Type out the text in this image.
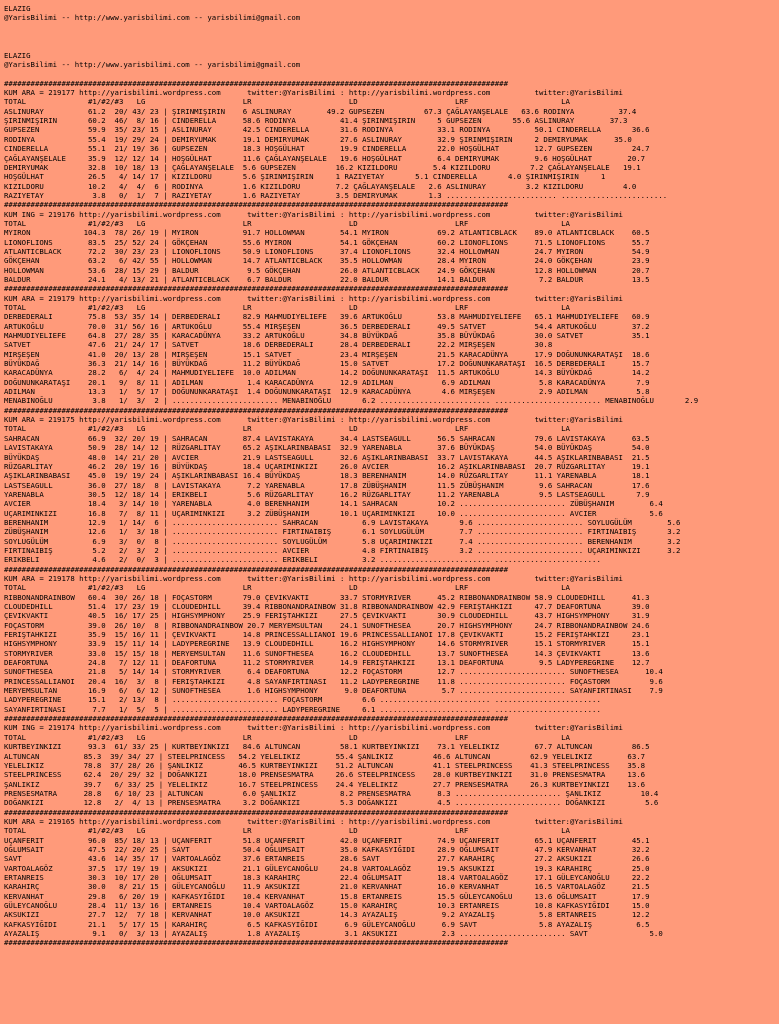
ELAZIG
@YarisBilimi -- http://www.yarisbilimi.com -- yarisbilimi@gmail.com

ELAZIG
@YarisBilimi -- http://www.yarisbilimi.com -- yarisbilimi@gmail.com

##################################################################################################################
KUM ARA = 219177 http://yarisbilimi.wordpress.com      twitter:@YarisBilimi : http://yarisbilimi.wordpress.com          twitter:@YarisBilimi
TOTAL              #1/#2/#3   LG                      LR                      LD                      LRF                     LA
ASLINURAY          61.2  20/ 43/ 23 | ŞIRINMIŞIRIN    6 ASLINURAY        49.2 GUPSEZEN         67.3 ÇAĞLAYANŞELALE   63.6 RODINYA          37.4
ŞIRINMIŞIRIN       60.2  46/  8/ 16 | CINDERELLA      58.6 RODINYA          41.4 ŞIRINMIŞIRIN     5 GUPSEZEN       55.6 ASLINURAY        37.3
GUPSEZEN           59.9  35/ 23/ 15 | ASLINURAY       42.5 CINDERELLA       31.6 RODINYA          33.1 RODINYA          50.1 CINDERELLA       36.6
RODINYA            55.4  19/ 29/ 24 | DEMIRYUMAK      19.1 DEMIRYUMAK       27.6 ASLINURAY        32.9 ŞIRINMIŞIRIN     2 DEMIRYUMAK      35.0
CINDERELLA         55.1  21/ 19/ 36 | GUPSEZEN        18.3 HOŞGÜLHAT        19.9 CINDERELLA       22.0 HOŞGÜLHAT        12.7 GUPSEZEN         24.7
ÇAĞLAYANŞELALE     35.9  12/ 12/ 14 | HOŞGÜLHAT       11.6 ÇAĞLAYANŞELALE   19.6 HOŞGÜLHAT        6.4 DEMIRYUMAK        9.6 HOŞGÜLHAT        20.7
DEMIRYUMAK         32.8  10/ 18/ 13 | ÇAĞLAYANŞELALE  5.6 GUPSEZEN         16.2 KIZILDORU        5.4 KIZILDORU         7.2 ÇAĞLAYANŞELALE   19.1
HOŞGÜLHAT          26.5   4/ 14/ 17 | KIZILDORU       5.6 ŞIRINMIŞIRIN     1 RAZIYETAY       5.1 CINDERELLA       4.0 ŞIRINMIŞIRIN     1
KIZILDORU          10.2   4/  4/  6 | RODINYA         1.6 KIZILDORU        7.2 ÇAĞLAYANŞELALE   2.6 ASLINURAY         3.2 KIZILDORU         4.0
RAZIYETAY           3.8   0/  1/  7 | RAZIYETAY       1.6 RAZIYETAY        3.5 DEMIRYUMAK       1.3 ......................... ........................
##################################################################################################################
KUM ING = 219176 http://yarisbilimi.wordpress.com      twitter:@YarisBilimi : http://yarisbilimi.wordpress.com          twitter:@YarisBilimi
TOTAL              #1/#2/#3   LG                      LR                      LD                      LRF                     LA
MYIRON            104.3  78/ 26/ 19 | MYIRON          91.7 HOLLOWMAN        54.1 MYIRON           69.2 ATLANTICBLACK    89.0 ATLANTICBLACK    60.5
LIONOFLIONS        83.5  25/ 52/ 24 | GÖKÇEHAN        55.6 MYIRON           54.1 GÖKÇEHAN         60.2 LIONOFLIONS      71.5 LIONOFLIONS      55.7
ATLANTICBLACK      72.2  30/ 23/ 23 | LIONOFLIONS     50.9 LIONOFLIONS      37.4 LIONOFLIONS      32.4 HOLLOWMAN        24.7 MYIRON           54.9
GÖKÇEHAN           63.2   6/ 42/ 55 | HOLLOWMAN       14.7 ATLANTICBLACK    35.5 HOLLOWMAN        28.4 MYIRON           24.0 GÖKÇEHAN         23.9
HOLLOWMAN          53.6  28/ 15/ 29 | BALDUR           9.5 GÖKÇEHAN         26.0 ATLANTICBLACK    24.9 GÖKÇEHAN         12.8 HOLLOWMAN        20.7
BALDUR             24.1   4/ 13/ 21 | ATLANTICBLACK    6.7 BALDUR           22.0 BALDUR           14.1 BALDUR            7.2 BALDUR           13.5
##################################################################################################################
KUM ARA = 219179 http://yarisbilimi.wordpress.com      twitter:@YarisBilimi : http://yarisbilimi.wordpress.com          twitter:@YarisBilimi
TOTAL              #1/#2/#3   LG                      LR                      LD                      LRF                     LA
DERBEDERALI        75.8  53/ 35/ 14 | DERBEDERALI     82.9 MAHMUDIYELIEFE   39.6 ARTUKOĞLU        53.8 MAHMUDIYELIEFE   65.1 MAHMUDIYELIEFE   60.9
ARTUKOĞLU          70.0  31/ 56/ 16 | ARTUKOĞLU       55.4 MIRŞEŞEN         36.5 DERBEDERALI      49.5 SATVET           54.4 ARTUKOĞLU        37.2
MAHMUDIYELIEFE     64.8  27/ 28/ 35 | KARACADÜNYA     33.2 ARTUKOĞLU        34.8 BÜYÜKDAĞ         35.8 BÜYÜKDAĞ         30.0 SATVET           35.1
SATVET             47.6  21/ 24/ 17 | SATVET          18.6 DERBEDERALI      28.4 DERBEDERALI      22.2 MIRŞEŞEN         30.8
MIRŞEŞEN           41.0  20/ 13/ 28 | MIRŞEŞEN        15.1 SATVET           23.4 MIRŞEŞEN         21.5 KARACADÜNYA      17.9 DOĞUNUNKARATAŞI  18.6
BÜYÜKDAĞ           36.3  21/ 14/ 16 | BÜYÜKDAĞ        11.2 BÜYÜKDAĞ         15.0 SATVET           17.2 DOĞUNUNKARATAŞI  16.5 DERBEDERALI      15.7
KARACADÜNYA        28.2   6/  4/ 24 | MAHMUDIYELIEFE  10.0 ADILMAN          14.2 DOĞUNUNKARATAŞI  11.5 ARTUKOĞLU        14.3 BÜYÜKDAĞ         14.2
DOĞUNUNKARATAŞI    20.1   9/  8/ 11 | ADILMAN          1.4 KARACADÜNYA      12.9 ADILMAN           6.9 ADILMAN           5.8 KARACADÜNYA       7.9
ADILMAN            13.3   1/  5/ 17 | DOĞUNUNKARATAŞI  1.4 DOĞUNUNKARATAŞI  12.9 KARACADÜNYA       4.6 MIRŞEŞEN          2.9 ADILMAN           5.8
MENABINOĞLU         3.8   1/  3/  2 | ........................ MENABINOĞLU       6.2 ......................... ........................ MENABINOĞLU       2.9
##################################################################################################################
KUM ARA = 219175 http://yarisbilimi.wordpress.com      twitter:@YarisBilimi : http://yarisbilimi.wordpress.com          twitter:@YarisBilimi
TOTAL              #1/#2/#3   LG                      LR                      LD                      LRF                     LA
SAHRACAN           66.9  32/ 20/ 19 | SAHRACAN        87.4 LAVISTAKAYA      34.4 LASTSEAGULL      56.5 SAHRACAN         79.6 LAVISTAKAYA      63.5
LAVISTAKAYA        50.9  28/ 14/ 12 | RÜZGARLITAY     65.2 AŞIKLARINBABASI  32.9 YARENABLA        37.6 BÜYÜKDAŞ         54.0 BÜYÜKDAŞ         54.0
BÜYÜKDAŞ           48.0  14/ 21/ 20 | AVCIER          21.9 LASTSEAGULL      32.6 AŞIKLARINBABASI  33.7 LAVISTAKAYA      44.5 AŞIKLARINBABASI  21.5
RÜZGARLITAY        46.2  20/ 19/ 16 | BÜYÜKDAŞ        18.4 UÇARIMINKIZI     26.0 AVCIER           16.2 AŞIKLARINBABASI  20.7 RÜZGARLITAY      19.1
AŞIKLARINBABASI    45.0  19/ 19/ 24 | AŞIKLARINBABASI 16.4 BÜYÜKDAŞ         18.3 BERENHANIM       14.0 RÜZGARLITAY      11.1 YARENABLA        18.1
LASTSEAGULL        36.0  27/ 18/  8 | LAVISTAKAYA      7.2 YARENABLA        17.8 ZÜBÜŞHANIM       11.5 ZÜBÜŞHANIM        9.6 SAHRACAN         17.6
YARENABLA          30.5  12/ 18/ 14 | ERIKBELI         5.6 RÜZGARLITAY      16.2 RÜZGARLITAY      11.2 YARENABLA         9.5 LASTSEAGULL       7.9
AVCIER             18.4   3/ 14/ 10 | YARENABLA        4.0 BERENHANIM       14.1 SAHRACAN         10.2 ........................ ZÜBÜŞHANIM        6.4
UÇARIMINKIZI       16.8   7/  8/ 11 | UÇARIMINKIZI     3.2 ZÜBÜŞHANIM       10.1 UÇARIMINKIZI     10.0 ........................ AVCIER            5.6
BERENHANIM         12.9   1/ 14/  6 | ........................ SAHRACAN          6.9 LAVISTAKAYA       9.6 ........................ SOYLUGÜLÜM        5.6
ZÜBÜŞHANIM         12.6   1/  3/ 18 | ........................ FIRTINAIBIŞ       6.1 SOYLUGÜLÜM        7.7 ........................ FIRTINAIBIŞ       3.2
SOYLUGÜLÜM          6.9   3/  0/  8 | ........................ SOYLUGÜLÜM        5.8 UÇARIMINKIZI      7.4 ........................ BERENHANIM        3.2
FIRTINAIBIŞ         5.2   2/  3/  2 | ........................ AVCIER            4.8 FIRTINAIBIŞ       3.2 ........................ UÇARIMINKIZI      3.2
ERIKBELI            4.6   2/  0/  3 | ........................ ERIKBELI          3.2 ......................... ........................
##################################################################################################################
KUM ARA = 219178 http://yarisbilimi.wordpress.com      twitter:@YarisBilimi : http://yarisbilimi.wordpress.com          twitter:@YarisBilimi
TOTAL              #1/#2/#3   LG                      LR                      LD                      LRF                     LA
RIBBONANDRAINBOW   60.4  30/ 26/ 18 | FOÇASTORM       79.0 ÇEVIKVAKTI       33.7 STORMYRIVER      45.2 RIBBONANDRAINBOW 58.9 CLOUDEDHILL      41.3
CLOUDEDHILL        51.4  17/ 23/ 19 | CLOUDEDHILL     39.4 RIBBONANDRAINBOW 31.8 RIBBONANDRAINBOW 42.9 FERIŞTAHKIZI     47.7 DEAFORTUNA       39.0
ÇEVIKVAKTI         40.5  16/ 17/ 25 | HIGHSYMPHONY    25.9 FERIŞTAHKIZI     27.5 ÇEVIKVAKTI       30.9 CLOUDEDHILL      43.7 HIGHSYMPHONY     31.9
FOÇASTORM          39.0  26/ 10/  8 | RIBBONANDRAINBOW 20.7 MERYEMSULTAN    24.1 SUNOFTHESEA      20.7 HIGHSYMPHONY     24.7 RIBBONANDRAINBOW 24.6
FERIŞTAHKIZI       35.9  15/ 16/ 11 | ÇEVIKVAKTI      14.8 PRINCESSALLIANOI 19.6 PRINCESSALLIANOI 17.8 ÇEVIKVAKTI       15.2 FERIŞTAHKIZI     23.1
HIGHSYMPHONY       33.9  15/ 11/ 14 | LADYPEREGRINE   13.9 CLOUDEDHILL      16.2 HIGHSYMPHONY     14.6 STORMYRIVER      15.1 STORMYRIVER      15.1
STORMYRIVER        33.0  15/ 15/ 18 | MERYEMSULTAN    11.6 SUNOFTHESEA      16.2 CLOUDEDHILL      13.7 SUNOFTHESEA      14.3 ÇEVIKVAKTI       13.6
DEAFORTUNA         24.8   7/ 12/ 11 | DEAFORTUNA      11.2 STORMYRIVER      14.9 FERIŞTAHKIZI     13.1 DEAFORTUNA        9.5 LADYPEREGRINE    12.7
SUNOFTHESEA        21.8   5/ 14/ 14 | STORMYRIVER      6.4 DEAFORTUNA       12.2 FOÇASTORM        12.7 ........................ SUNOFTHESEA      10.4
PRINCESSALLIANOI   20.4  16/  3/  8 | FERIŞTAHKIZI     4.8 SAYANFIRTINASI   11.2 LADYPEREGRINE    11.8 ........................ FOÇASTORM         9.6
MERYEMSULTAN       16.9   6/  6/ 12 | SUNOFTHESEA      1.6 HIGHSYMPHONY      9.0 DEAFORTUNA        5.7 ........................ SAYANFIRTINASI    7.9
LADYPEREGRINE      15.1   2/ 13/  8 | ........................ FOÇASTORM         6.6 ......................... ........................
SAYANFIRTINASI      7.7   1/  5/  5 | ........................ LADYPEREGRINE     6.1 ......................... ........................
##################################################################################################################
KUM ING = 219174 http://yarisbilimi.wordpress.com      twitter:@YarisBilimi : http://yarisbilimi.wordpress.com          twitter:@YarisBilimi
TOTAL              #1/#2/#3   LG                      LR                      LD                      LRF                     LA
KURTBEYINKIZI      93.3  61/ 33/ 25 | KURTBEYINKIZI   84.6 ALTUNCAN         58.1 KURTBEYINKIZI    73.1 YELELIKIZ        67.7 ALTUNCAN         86.5
ALTUNCAN          85.3  39/ 34/ 27 | STEELPRINCESS   54.2 YELELIKIZ        55.4 ŞANLIKIZ         46.6 ALTUNCAN         62.9 YELELIKIZ        63.7
YELELIKIZ         78.8  37/ 28/ 26 | ŞANLIKIZ        46.5 KURTBEYINKIZI    51.2 ALTUNCAN         41.1 STEELPRINCESS    41.3 STEELPRINCESS    35.8
STEELPRINCESS     62.4  20/ 29/ 32 | DOĞANKIZI       18.0 PRENSESMATRA     26.6 STEELPRINCESS    28.0 KURTBEYINKIZI    31.0 PRENSESMATRA     13.6
ŞANLIKIZ          39.7   6/ 33/ 25 | YELELIKIZ       16.7 STEELPRINCESS    24.4 YELELIKIZ        27.7 PRENSESMATRA     26.3 KURTBEYINKIZI    13.6
PRENSESMATRA      28.8   6/ 10/ 23 | ALTUNCAN         6.0 ŞANLIKIZ          8.2 PRENSESMATRA      8.3 ........................ ŞANLIKIZ         10.4
DOĞANKIZI         12.8   2/  4/ 13 | PRENSESMATRA     3.2 DOĞANKIZI         5.3 DOĞANKIZI         4.5 ........................ DOĞANKIZI         5.6
##################################################################################################################
KUM ARA = 219165 http://yarisbilimi.wordpress.com      twitter:@YarisBilimi : http://yarisbilimi.wordpress.com          twitter:@YarisBilimi
TOTAL              #1/#2/#3   LG                      LR                      LD                      LRF                     LA
UÇANFERIT          96.0  85/ 18/ 13 | UÇANFERIT       51.8 UÇANFERIT        42.0 UÇANFERIT        74.9 UÇANFERIT        65.1 UÇANFERIT        45.1
OĞLUMSAIT          47.5  22/ 20/ 25 | SAVT            50.4 OĞLUMSAIT        35.0 KAFKASYIĞIDI     28.9 OĞLUMSAIT        47.9 KERVANHAT        32.2
SAVT               43.6  14/ 35/ 17 | VARTOALAGÖZ     37.6 ERTANREIS        28.6 SAVT             27.7 KARAHIRÇ         27.2 AKSUKIZI         26.6
VARTOALAGÖZ        37.5  17/ 19/ 19 | AKSUKIZI        21.1 GÜLEYCANOĞLU     24.8 VARTOALAGÖZ      19.5 AKSUKIZI         19.3 KARAHIRÇ         25.0
ERTANREIS          30.3  10/ 17/ 20 | OĞLUMSAIT       18.3 KARAHIRÇ         22.4 OĞLUMSAIT        18.4 VARTOALAGÖZ      17.1 GÜLEYCANOĞLU     22.2
KARAHIRÇ           30.0   8/ 21/ 15 | GÜLEYCANOĞLU    11.9 AKSUKIZI         21.0 KERVANHAT        16.0 KERVANHAT        16.5 VARTOALAGÖZ      21.5
KERVANHAT          29.8   6/ 20/ 19 | KAFKASYIĞIDI    10.4 KERVANHAT        15.8 ERTANREIS        15.5 GÜLEYCANOĞLU     13.6 OĞLUMSAIT        17.9
GÜLEYCANOĞLU       28.4  11/ 13/ 16 | ERTANREIS       10.4 VARTOALAGÖZ      15.0 KARAHIRÇ         10.3 ERTANREIS        10.8 KAFKASYIĞIDI     15.0
AKSUKIZI           27.7  12/  7/ 18 | KERVANHAT       10.0 AKSUKIZI         14.3 AYAZALIŞ          9.2 AYAZALIŞ          5.8 ERTANREIS        12.2
KAFKASYIĞIDI       21.1   5/ 17/ 15 | KARAHIRÇ         6.5 KAFKASYIĞIDI      6.9 GÜLEYCANOĞLU      6.9 SAVT              5.8 AYAZALIŞ          6.5
AYAZALIŞ            9.1   0/  3/ 13 | AYAZALIŞ         1.8 AYAZALIŞ          3.1 AKSUKIZI          2.3 ........................ SAVT              5.0
##################################################################################################################
